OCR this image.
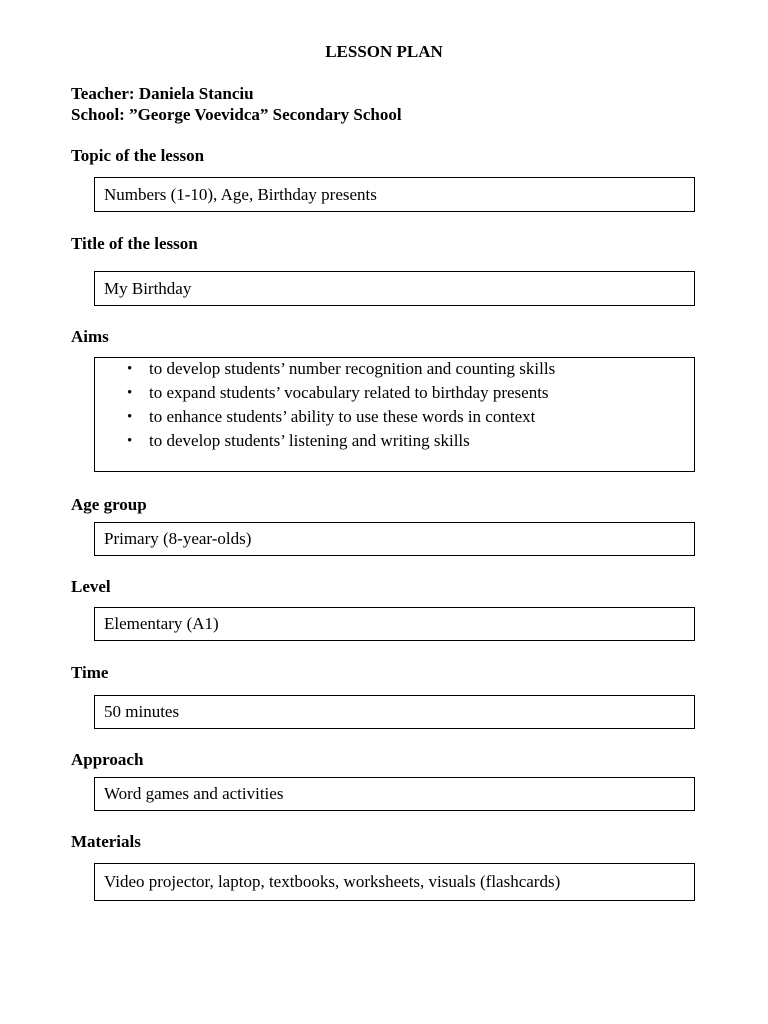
LESSON PLAN
Teacher: Daniela Stanciu
School: ”George Voevidca” Secondary School
Topic of the lesson
Numbers (1-10), Age, Birthday presents
Title of the lesson
My Birthday
Aims
• to develop students’ number recognition and counting skills
• to expand students’ vocabulary related to birthday presents
• to enhance students’ ability to use these words in context
• to develop students’ listening and writing skills
Age group
Primary (8-year-olds)
Level
Elementary (A1)
Time
50 minutes
Approach
Word games and activities
Materials
Video projector, laptop, textbooks, worksheets, visuals (flashcards)
